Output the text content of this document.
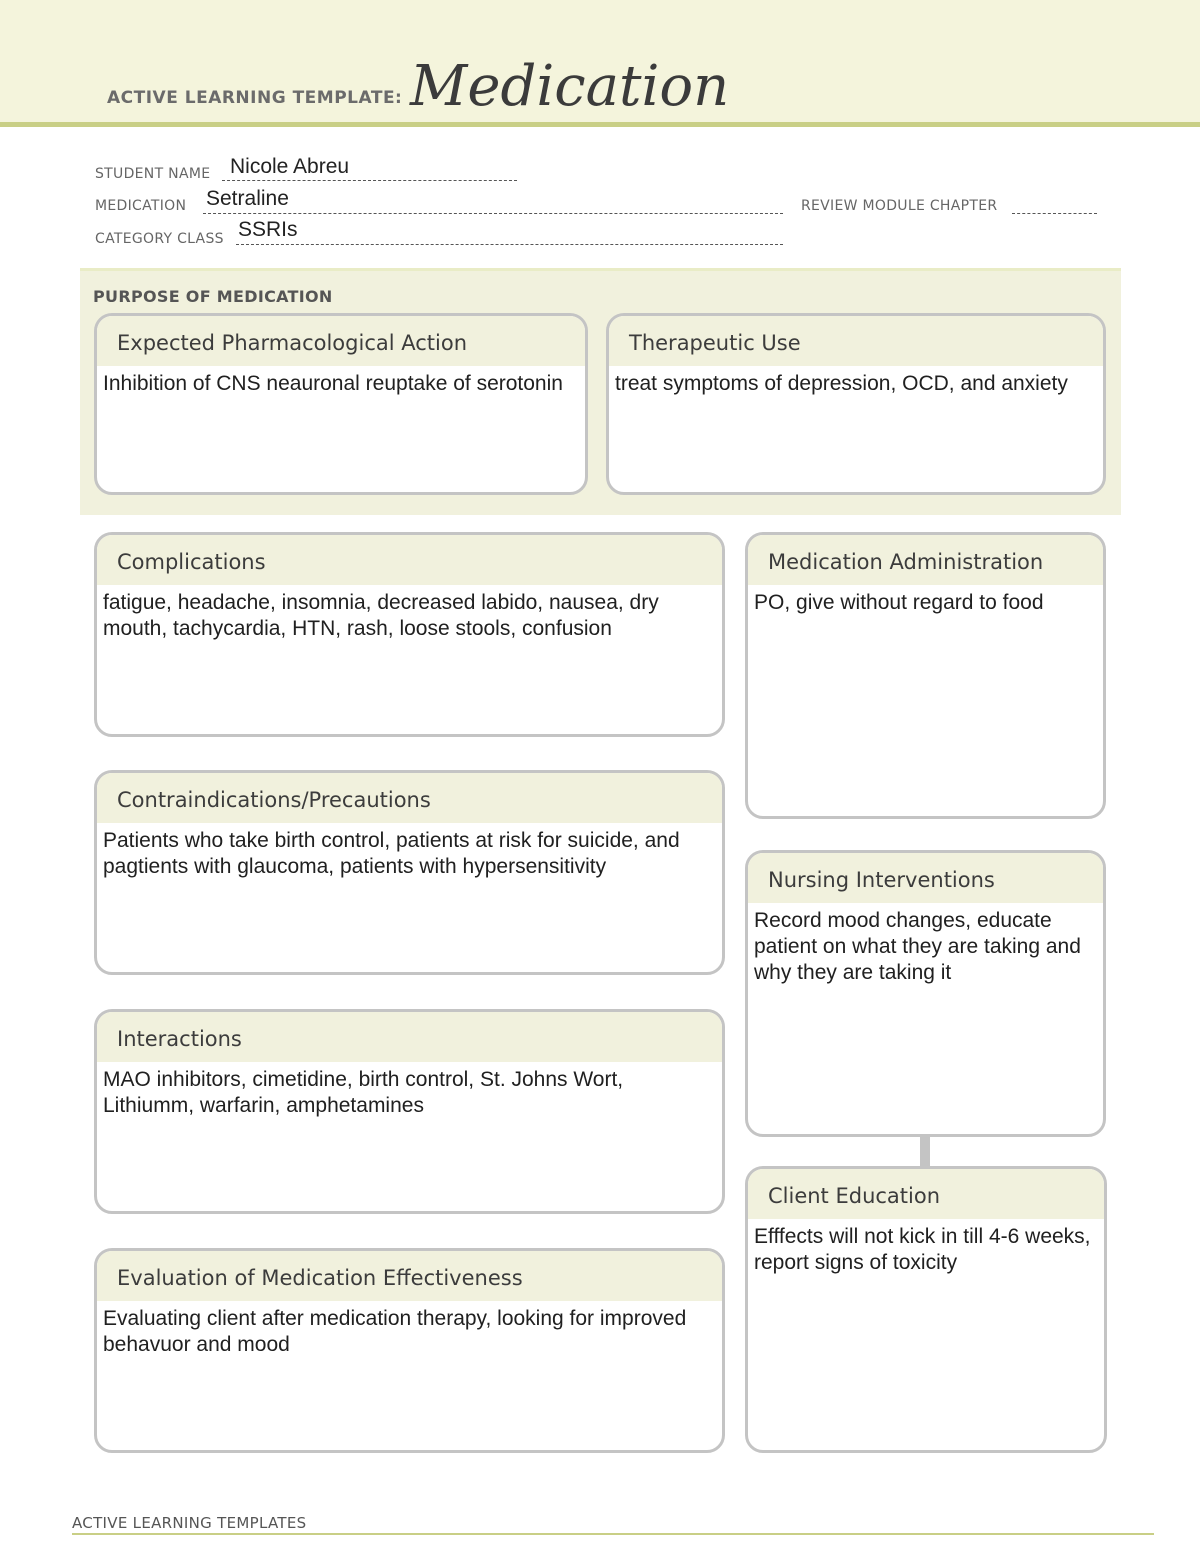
ACTIVE LEARNING TEMPLATE: Medication
STUDENT NAME Nicole Abreu
MEDICATION Setraline	REVIEW MODULE CHAPTER
CATEGORY CLASS SSRIs
PURPOSE OF MEDICATION
Expected Pharmacological Action
Inhibition of CNS neauronal reuptake of serotonin
Therapeutic Use
treat symptoms of depression, OCD, and anxiety
Complications
fatigue, headache, insomnia, decreased labido, nausea, dry mouth, tachycardia, HTN, rash, loose stools, confusion
Contraindications/Precautions
Patients who take birth control, patients at risk for suicide, and pagtients with glaucoma, patients with hypersensitivity
Interactions
MAO inhibitors, cimetidine, birth control, St. Johns Wort, Lithiumm, warfarin, amphetamines
Evaluation of Medication Effectiveness
Evaluating client after medication therapy, looking for improved behavuor and mood
Medication Administration
PO, give without regard to food
Nursing Interventions
Record mood changes, educate patient on what they are taking and why they are taking it
Client Education
Efffects will not kick in till 4-6 weeks, report signs of toxicity
ACTIVE LEARNING TEMPLATES
